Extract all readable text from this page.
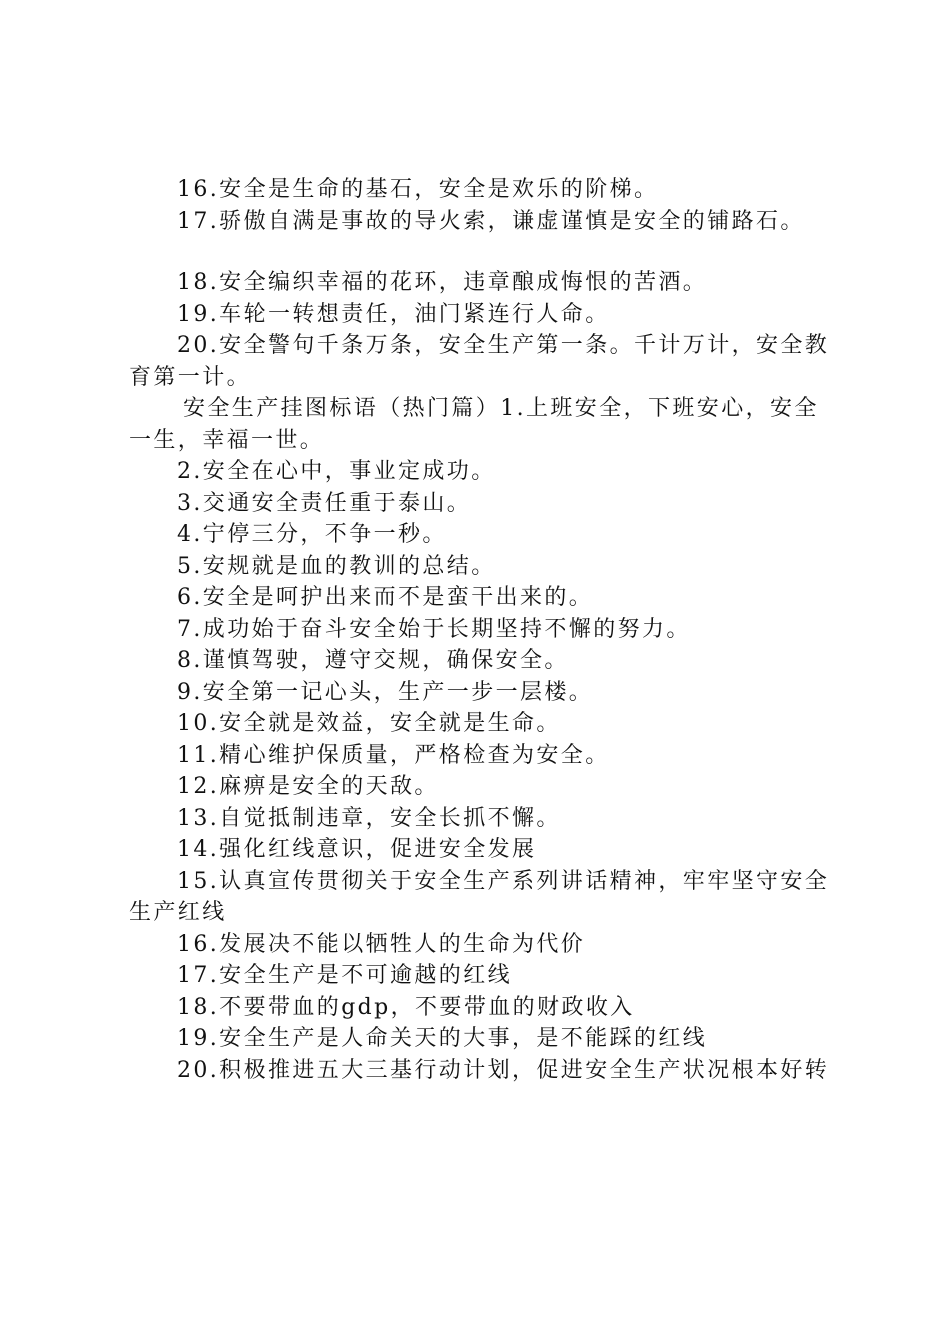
16.安全是生命的基石，安全是欢乐的阶梯。

17.骄傲自满是事故的导火索，谦虚谨慎是安全的铺路石。

18.安全编织幸福的花环，违章酿成悔恨的苦酒。

19.车轮一转想责任，油门紧连行人命。

20.安全警句千条万条，安全生产第一条。千计万计，安全教育第一计。

安全生产挂图标语（热门篇）1.上班安全，下班安心，安全一生，幸福一世。

2.安全在心中，事业定成功。

3.交通安全责任重于泰山。

4.宁停三分，不争一秒。

5.安规就是血的教训的总结。

6.安全是呵护出来而不是蛮干出来的。

7.成功始于奋斗安全始于长期坚持不懈的努力。

8.谨慎驾驶，遵守交规，确保安全。

9.安全第一记心头，生产一步一层楼。

10.安全就是效益，安全就是生命。

11.精心维护保质量，严格检查为安全。

12.麻痹是安全的天敌。

13.自觉抵制违章，安全长抓不懈。

14.强化红线意识，促进安全发展

15.认真宣传贯彻关于安全生产系列讲话精神，牢牢坚守安全生产红线

16.发展决不能以牺牲人的生命为代价

17.安全生产是不可逾越的红线

18.不要带血的gdp，不要带血的财政收入

19.安全生产是人命关天的大事，是不能踩的红线

20.积极推进五大三基行动计划，促进安全生产状况根本好转
